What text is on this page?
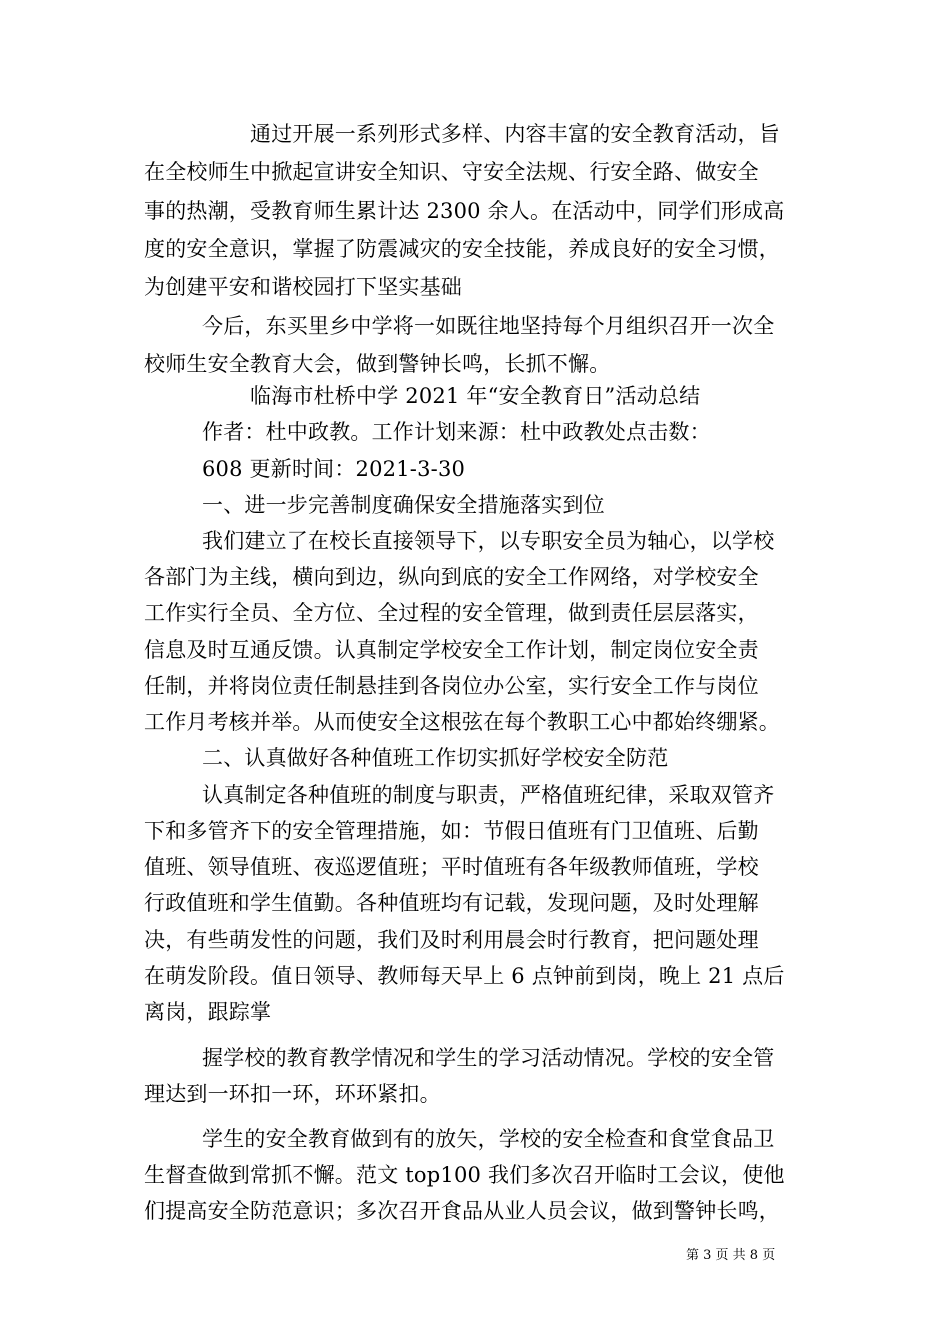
通过开展一系列形式多样、内容丰富的安全教育活动，旨
在全校师生中掀起宣讲安全知识、守安全法规、行安全路、做安全
事的热潮，受教育师生累计达 2300 余人。在活动中，同学们形成高
度的安全意识，掌握了防震减灾的安全技能，养成良好的安全习惯，
为创建平安和谐校园打下坚实基础
今后，东买里乡中学将一如既往地坚持每个月组织召开一次全
校师生安全教育大会，做到警钟长鸣，长抓不懈。
临海市杜桥中学 2021 年“安全教育日”活动总结
作者：杜中政教。工作计划来源：杜中政教处点击数：
608 更新时间：2021-3-30
一、进一步完善制度确保安全措施落实到位
我们建立了在校长直接领导下，以专职安全员为轴心，以学校
各部门为主线，横向到边，纵向到底的安全工作网络，对学校安全
工作实行全员、全方位、全过程的安全管理，做到责任层层落实，
信息及时互通反馈。认真制定学校安全工作计划，制定岗位安全责
任制，并将岗位责任制悬挂到各岗位办公室，实行安全工作与岗位
工作月考核并举。从而使安全这根弦在每个教职工心中都始终绷紧。
二、认真做好各种值班工作切实抓好学校安全防范
认真制定各种值班的制度与职责，严格值班纪律，采取双管齐
下和多管齐下的安全管理措施，如：节假日值班有门卫值班、后勤
值班、领导值班、夜巡逻值班；平时值班有各年级教师值班，学校
行政值班和学生值勤。各种值班均有记载，发现问题，及时处理解
决，有些萌发性的问题，我们及时利用晨会时行教育，把问题处理
在萌发阶段。值日领导、教师每天早上 6 点钟前到岗，晚上 21 点后
离岗，跟踪掌
握学校的教育教学情况和学生的学习活动情况。学校的安全管
理达到一环扣一环，环环紧扣。
学生的安全教育做到有的放矢，学校的安全检查和食堂食品卫
生督查做到常抓不懈。范文 top100 我们多次召开临时工会议，使他
们提高安全防范意识；多次召开食品从业人员会议，做到警钟长鸣，
第 3 页 共 8 页
